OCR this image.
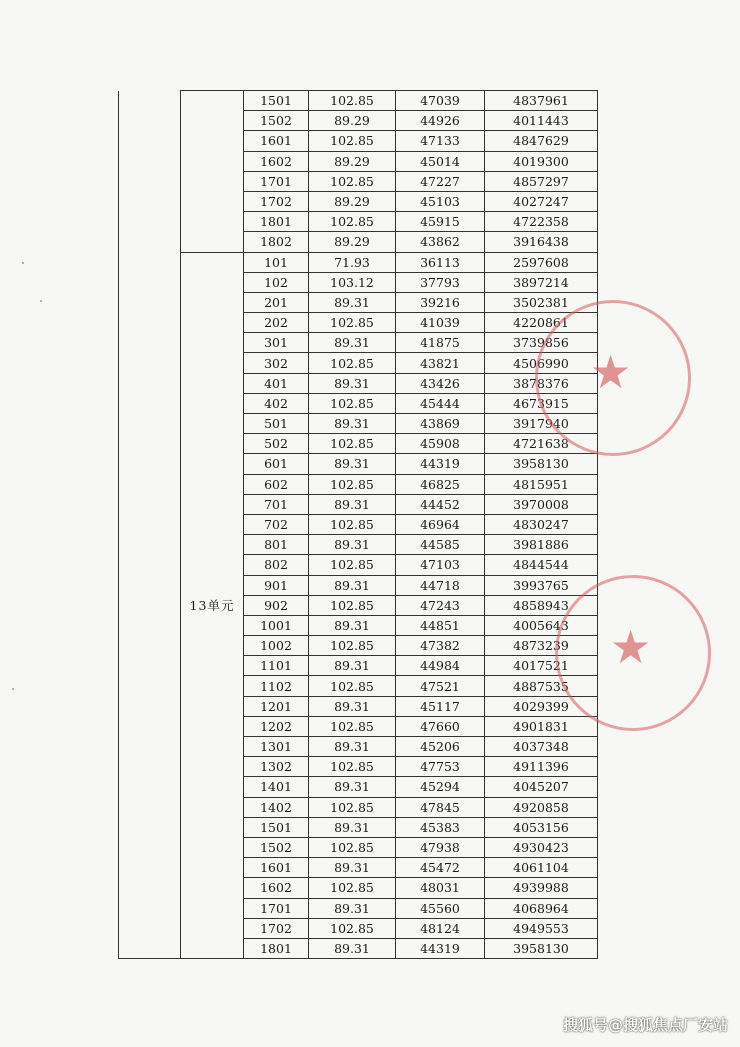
		1501	102.85	47039	4837961
		1502	89.29	44926	4011443
		1601	102.85	47133	4847629
		1602	89.29	45014	4019300
		1701	102.85	47227	4857297
		1702	89.29	45103	4027247
		1801	102.85	45915	4722358
		1802	89.29	43862	3916438
	13单元	101	71.93	36113	2597608
		102	103.12	37793	3897214
		201	89.31	39216	3502381
		202	102.85	41039	4220861
		301	89.31	41875	3739856
		302	102.85	43821	4506990
		401	89.31	43426	3878376
		402	102.85	45444	4673915
		501	89.31	43869	3917940
		502	102.85	45908	4721638
		601	89.31	44319	3958130
		602	102.85	46825	4815951
		701	89.31	44452	3970008
		702	102.85	46964	4830247
		801	89.31	44585	3981886
		802	102.85	47103	4844544
		901	89.31	44718	3993765
		902	102.85	47243	4858943
		1001	89.31	44851	4005643
		1002	102.85	47382	4873239
		1101	89.31	44984	4017521
		1102	102.85	47521	4887535
		1201	89.31	45117	4029399
		1202	102.85	47660	4901831
		1301	89.31	45206	4037348
		1302	102.85	47753	4911396
		1401	89.31	45294	4045207
		1402	102.85	47845	4920858
		1501	89.31	45383	4053156
		1502	102.85	47938	4930423
		1601	89.31	45472	4061104
		1602	102.85	48031	4939988
		1701	89.31	45560	4068964
		1702	102.85	48124	4949553
		1801	89.31	44319	3958130
★
★
搜狐号@搜狐焦点厂安站
